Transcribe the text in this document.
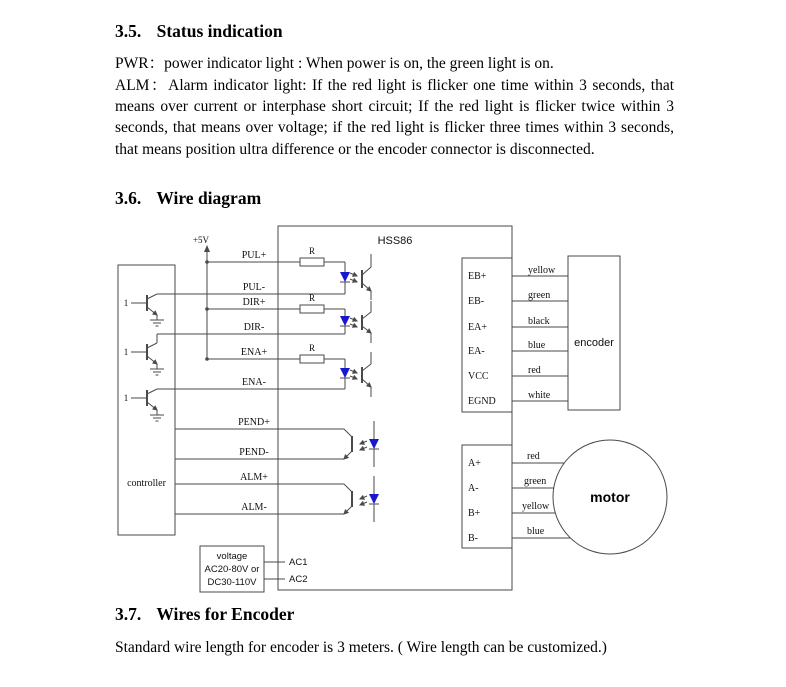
3.5. Status indication

PWR：power indicator light : When power is on, the green light is on.

ALM：Alarm indicator light: If the red light is flicker one time within 3 seconds, that means over current or interphase short circuit; If the red light is flicker twice within 3 seconds, that means over voltage; if the red light is flicker three times within 3 seconds, that means position ultra difference or the encoder connector is disconnected.

3.6. Wire diagram
HSS86
controller
+5V
PUL+
PUL-
DIR+
DIR-
ENA+
ENA-
PEND+
PEND-
ALM+
ALM-
R
R
R
1
1
1
EB+
EB-
EA+
EA-
VCC
EGND
yellow
green
black
blue
red
white
encoder
A+
A-
B+
B-
red
green
yellow
blue
motor
voltage
AC20-80V or
DC30-110V
AC1
AC2
3.7. Wires for Encoder

Standard wire length for encoder is 3 meters. ( Wire length can be customized.)
